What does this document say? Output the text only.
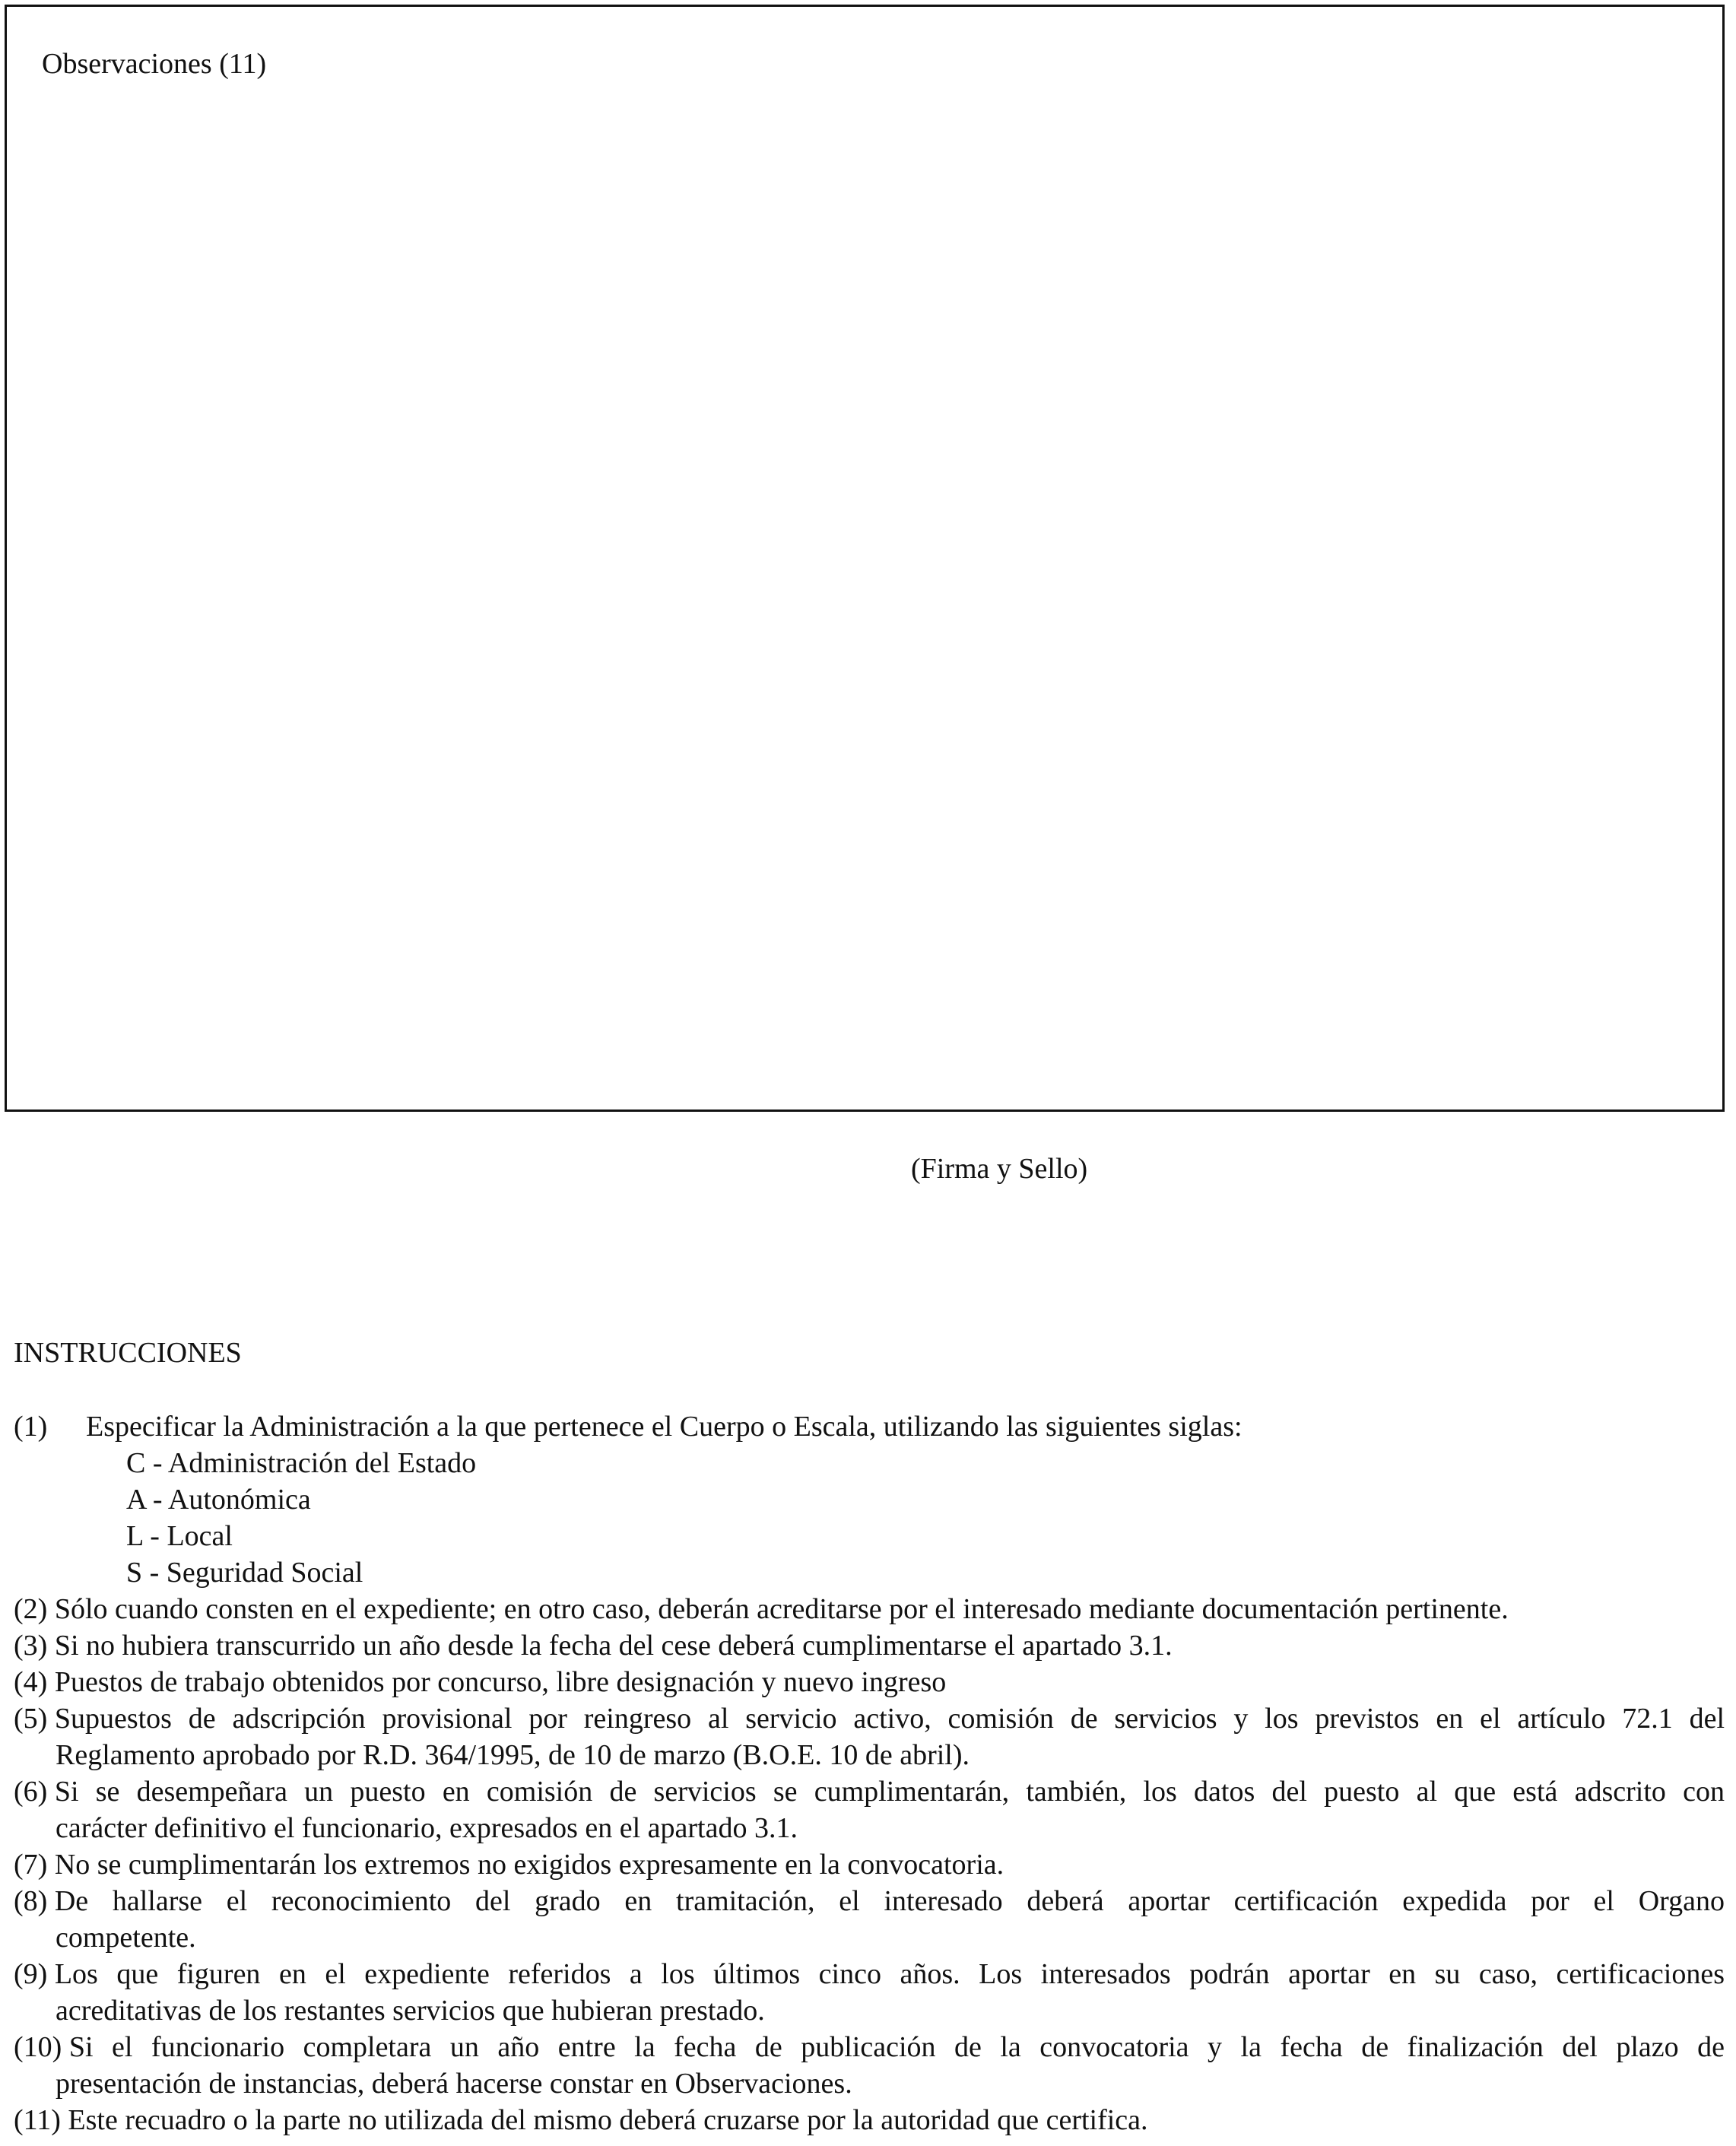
Observaciones (11)
(Firma y Sello)
INSTRUCCIONES
(1)	Especificar la Administración a la que pertenece el Cuerpo o Escala, utilizando las siguientes siglas:
C - Administración del Estado
A - Autonómica
L - Local
S - Seguridad Social
(2) Sólo cuando consten en el expediente; en otro caso, deberán acreditarse por el interesado mediante documentación pertinente.
(3) Si no hubiera transcurrido un año desde la fecha del cese deberá cumplimentarse el apartado 3.1.
(4) Puestos de trabajo obtenidos por concurso, libre designación y nuevo ingreso
(5) Supuestos de adscripción provisional por reingreso al servicio activo, comisión de servicios y los previstos en el artículo 72.1 del
Reglamento aprobado por R.D. 364/1995, de 10 de marzo (B.O.E. 10 de abril).
(6) Si se desempeñara un puesto en comisión de servicios se cumplimentarán, también, los datos del puesto al que está adscrito con
carácter definitivo el funcionario, expresados en el apartado 3.1.
(7) No se cumplimentarán los extremos no exigidos expresamente en la convocatoria.
(8) De hallarse el reconocimiento del grado en tramitación, el interesado deberá aportar certificación expedida por el Organo
competente.
(9) Los que figuren en el expediente referidos a los últimos cinco años. Los interesados podrán aportar en su caso, certificaciones
acreditativas de los restantes servicios que hubieran prestado.
(10) Si el funcionario completara un año entre la fecha de publicación de la convocatoria y la fecha de finalización del plazo de
presentación de instancias, deberá hacerse constar en Observaciones.
(11) Este recuadro o la parte no utilizada del mismo deberá cruzarse por la autoridad que certifica.
